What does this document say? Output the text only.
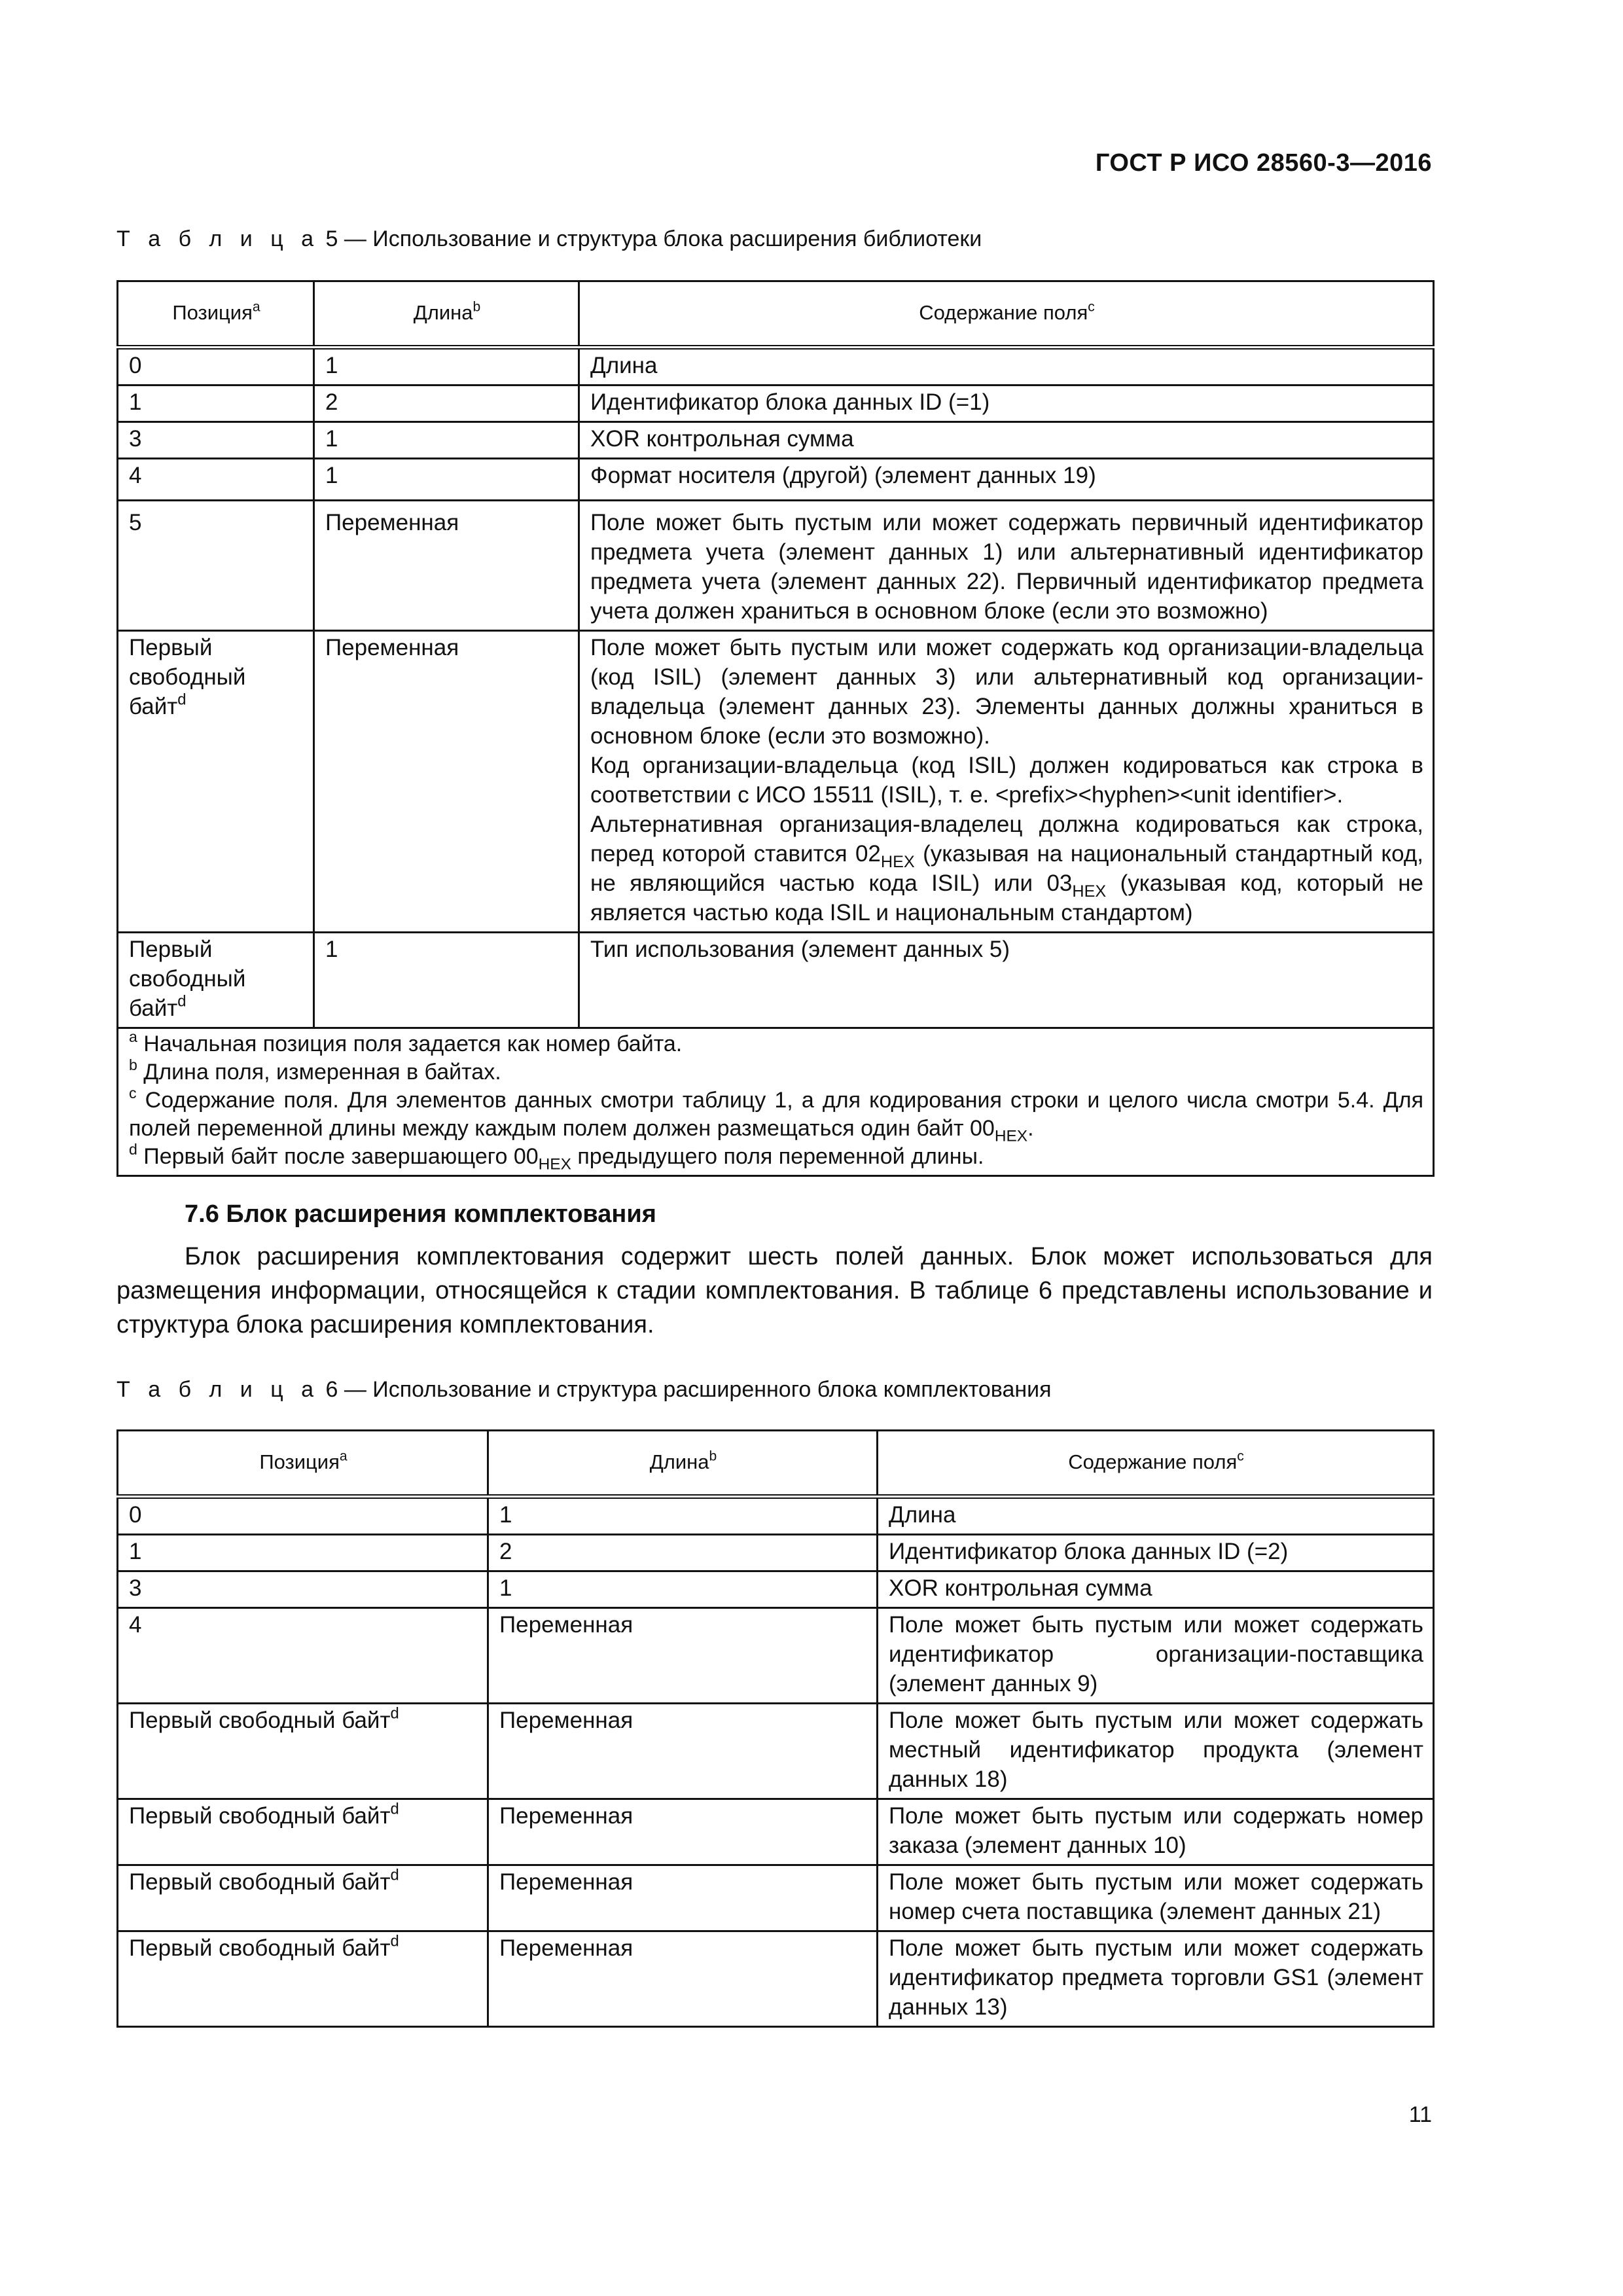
ГОСТ Р ИСО 28560-3—2016
Т а б л и ц а 5 — Использование и структура блока расширения библиотеки
Позиция$^a$	Длина$^b$	Содержание поля$^c$
0	1	Длина
1	2	Идентификатор блока данных ID (=1)
3	1	XOR контрольная сумма
4	1	Формат носителя (другой) (элемент данных 19)
5	Переменная	Поле может быть пустым или может содержать первичный идентификатор предмета учета (элемент данных 1) или альтернативный идентификатор предмета учета (элемент данных 22). Первичный идентификатор предмета учета должен храниться в основном блоке (если это возможно)
Первый свободный байт$^d$	Переменная	Поле может быть пустым или может содержать код организации-владельца (код ISIL) (элемент данных 3) или альтернативный код организации-владельца (элемент данных 23). Элементы данных должны храниться в основном блоке (если это возможно).
Код организации-владельца (код ISIL) должен кодироваться как строка в соответствии с ИСО 15511 (ISIL), т. е. <prefix><hyphen><unit identifier>.
Альтернативная организация-владелец должна кодироваться как строка, перед которой ставится $02_{HEX}$ (указывая на национальный стандартный код, не являющийся частью кода ISIL) или $03_{HEX}$ (указывая код, который не является частью кода ISIL и национальным стандартом)

Первый свободный байт$^d$	1	Тип использования (элемент данных 5)

$^a$ Начальная позиция поля задается как номер байта.

$^b$ Длина поля, измеренная в байтах.

$^c$ Содержание поля. Для элементов данных смотри таблицу 1, а для кодирования строки и целого числа смотри 5.4. Для полей переменной длины между каждым полем должен размещаться один байт $00_{HEX}$.

$^d$ Первый байт после завершающего $00_{HEX}$ предыдущего поля переменной длины.		

7.6 Блок расширения комплектования

Блок расширения комплектования содержит шесть полей данных. Блок может использоваться для размещения информации, относящейся к стадии комплектования. В таблице 6 представлены использование и структура блока расширения комплектования.

Т а б л и ц а 6 — Использование и структура расширенного блока комплектования
Позиция$^a$	Длина$^b$	Содержание поля$^c$
0	1	Длина
1	2	Идентификатор блока данных ID (=2)
3	1	XOR контрольная сумма
4	Переменная	Поле может быть пустым или может содержать идентификатор организации-поставщика (элемент данных 9)
Первый свободный байт$^d$	Переменная	Поле может быть пустым или может содержать местный идентификатор продукта (элемент данных 18)
Первый свободный байт$^d$	Переменная	Поле может быть пустым или содержать номер заказа (элемент данных 10)
Первый свободный байт$^d$	Переменная	Поле может быть пустым или может содержать номер счета поставщика (элемент данных 21)
Первый свободный байт$^d$	Переменная	Поле может быть пустым или может содержать идентификатор предмета торговли GS1 (элемент данных 13)
11
